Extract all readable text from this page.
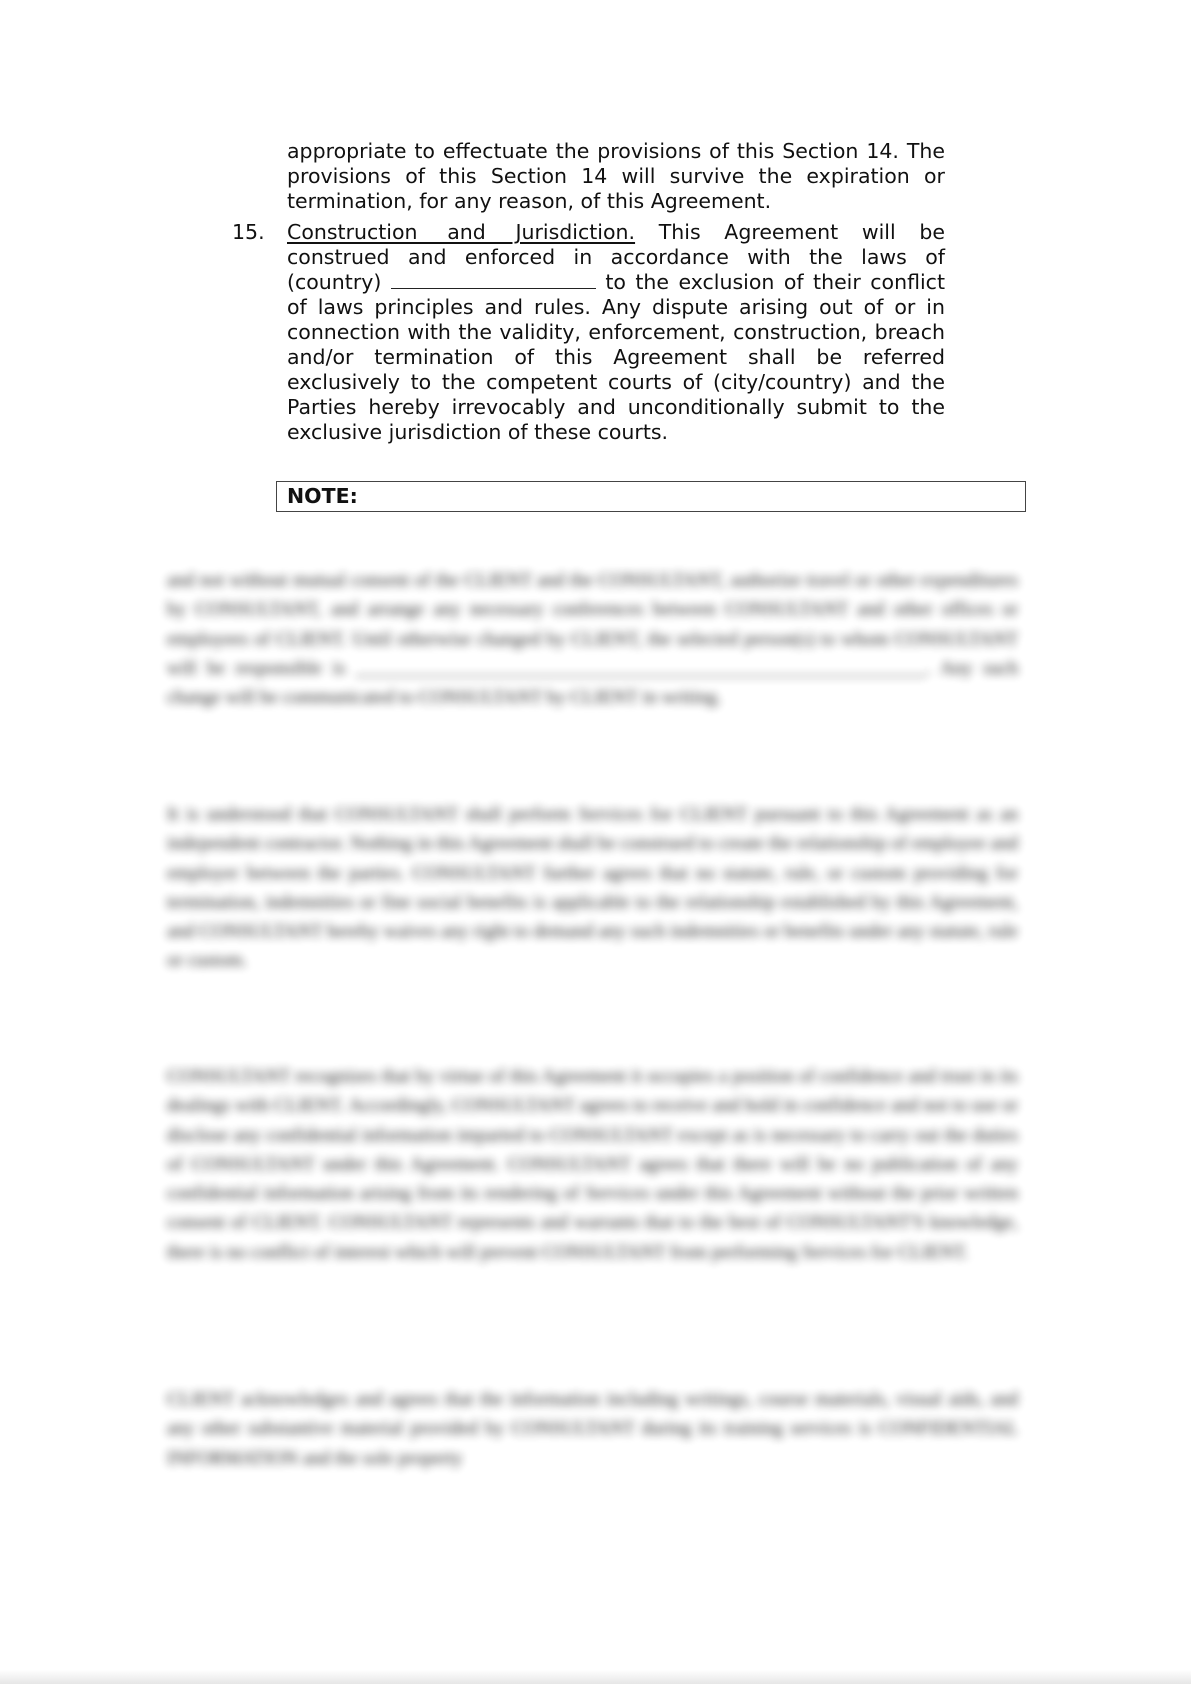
appropriate to effectuate the provisions of this Section 14. The provisions of this Section 14 will survive the expiration or termination, for any reason, of this Agreement.

15. Construction and Jurisdiction. This Agreement will be construed and enforced in accordance with the laws of (country)	to the exclusion of their conflict of laws principles and rules. Any dispute arising out of or in connection with the validity, enforcement, construction, breach and/or termination of this Agreement shall be referred exclusively to the competent courts of (city/country) and the Parties hereby irrevocably and unconditionally submit to the exclusive jurisdiction of these courts.

NOTE:

and not without mutual consent of the CLIENT and the CONSULTANT, authorize travel or other expenditures by CONSULTANT, and arrange any necessary conferences between CONSULTANT and other offices or employees of CLIENT. Until otherwise changed by CLIENT, the selected person(s) to whom CONSULTANT will be responsible is ____________________________________________________________. Any such change will be communicated to CONSULTANT by CLIENT in writing.

It is understood that CONSULTANT shall perform Services for CLIENT pursuant to this Agreement as an independent contractor. Nothing in this Agreement shall be construed to create the relationship of employee and employer between the parties. CONSULTANT further agrees that no statute, rule, or custom providing for termination, indemnities or fine social benefits is applicable to the relationship established by this Agreement, and CONSULTANT hereby waives any right to demand any such indemnities or benefits under any statute, rule or custom.

CONSULTANT recognizes that by virtue of this Agreement it occupies a position of confidence and trust in its dealings with CLIENT. Accordingly, CONSULTANT agrees to receive and hold in confidence and not to use or disclose any confidential information imparted to CONSULTANT except as is necessary to carry out the duties of CONSULTANT under this Agreement. CONSULTANT agrees that there will be no publication of any confidential information arising from its rendering of Services under this Agreement without the prior written consent of CLIENT. CONSULTANT represents and warrants that to the best of CONSULTANT'S knowledge, there is no conflict of interest which will prevent CONSULTANT from performing Services for CLIENT.

CLIENT acknowledges and agrees that the information including writings, course materials, visual aids, and any other substantive material provided by CONSULTANT during its training services is CONFIDENTIAL INFORMATION and the sole property
